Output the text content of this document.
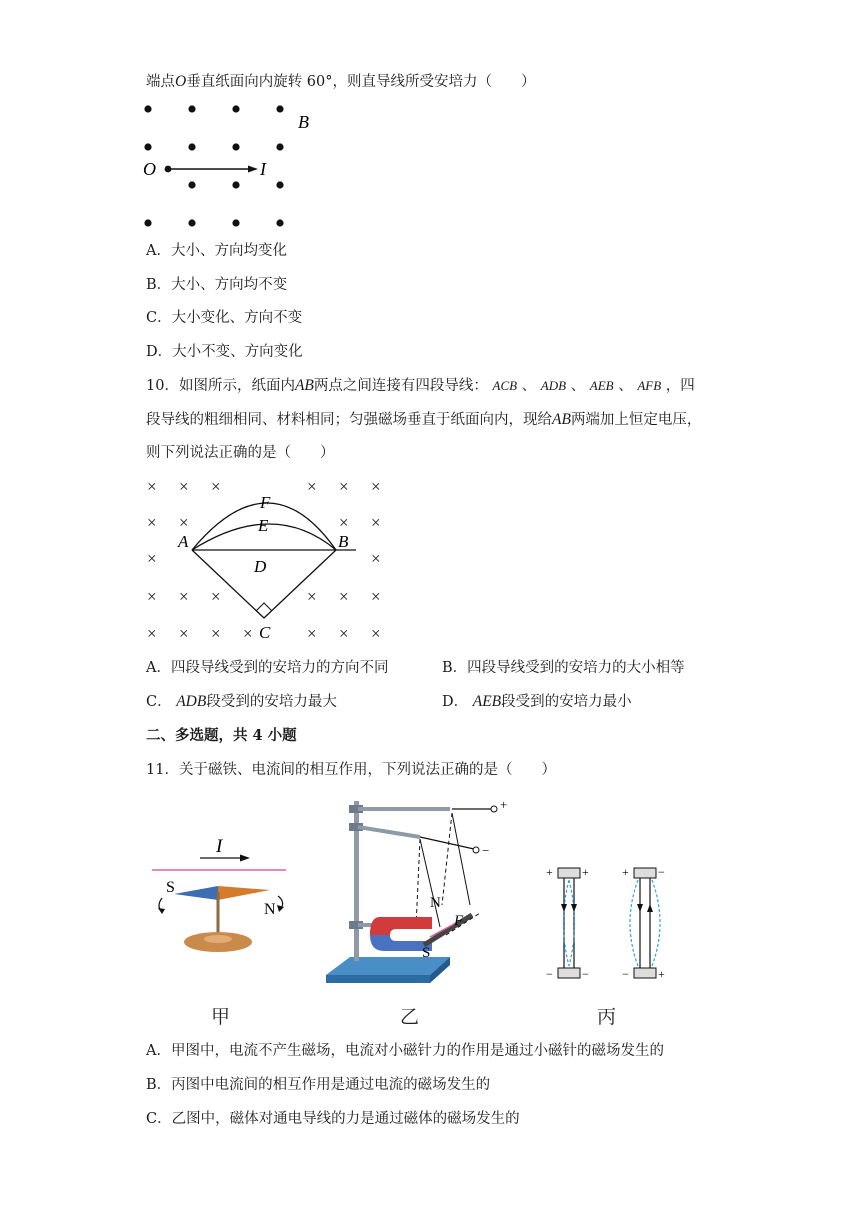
端点O垂直纸面向内旋转 60°，则直导线所受安培力（　　）
B
O	I
A．大小、方向均变化
B．大小、方向均不变
C．大小变化、方向不变
D．大小不变、方向变化
10．如图所示，纸面内AB两点之间连接有四段导线： ACB 、 ADB 、 AEB 、 AFB ，四
段导线的粗细相同、材料相同；匀强磁场垂直于纸面向内，现给AB两端加上恒定电压，
则下列说法正确的是（　　）
× × ×	× × ×
× ×	× ×
×	×
× × ×	× × ×
× × × ×	× × ×
A	B
C
D
E
F
A．四段导线受到的安培力的方向不同	B．四段导线受到的安培力的大小相等
C． ADB段受到的安培力最大	D． AEB段受到的安培力最小
二、多选题，共 4 小题
11．关于磁铁、电流间的相互作用，下列说法正确的是（　　）
I
S
N
甲
+
−
N
S
F
乙
+ +
− −
+ −
− +
丙
A．甲图中，电流不产生磁场，电流对小磁针力的作用是通过小磁针的磁场发生的
B．丙图中电流间的相互作用是通过电流的磁场发生的
C．乙图中，磁体对通电导线的力是通过磁体的磁场发生的
